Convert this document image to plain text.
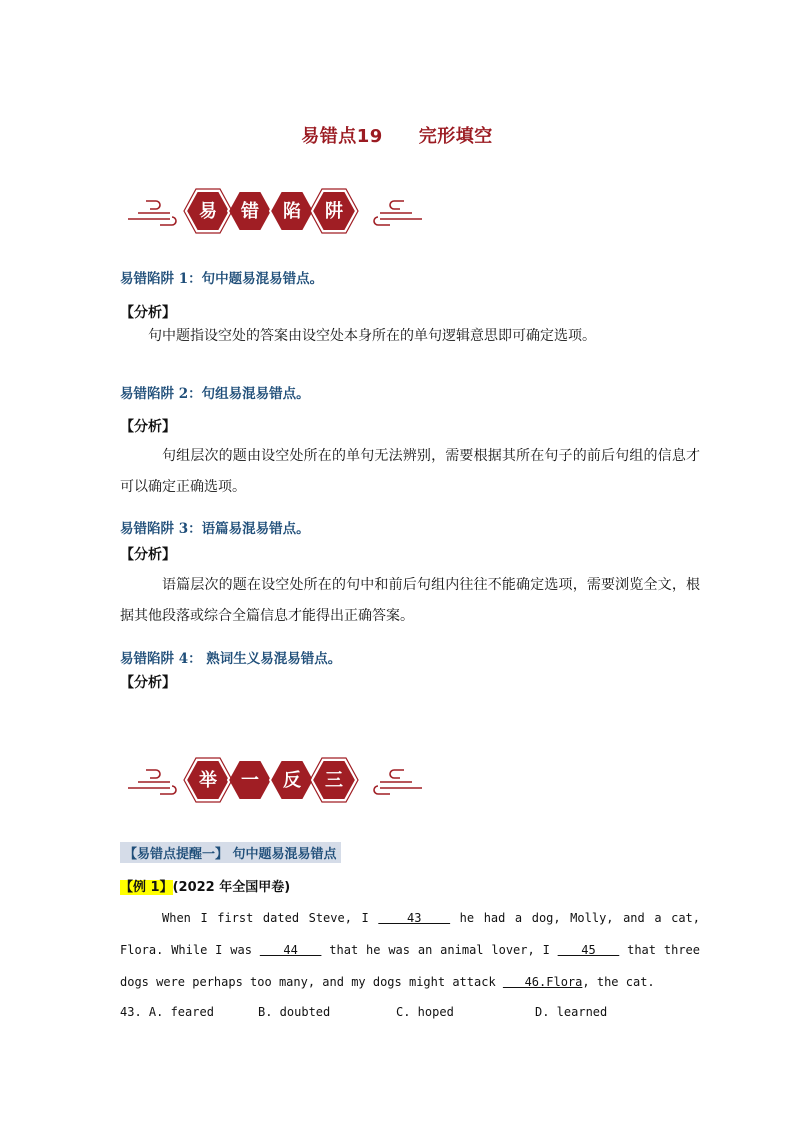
易错点19 完形填空
易 错 陷 阱
易错陷阱 1：句中题易混易错点。
【分析】
句中题指设空处的答案由设空处本身所在的单句逻辑意思即可确定选项。
易错陷阱 2：句组易混易错点。
【分析】
句组层次的题由设空处所在的单句无法辨别，需要根据其所在句子的前后句组的信息才可以确定正确选项。
易错陷阱 3：语篇易混易错点。
【分析】
语篇层次的题在设空处所在的句中和前后句组内往往不能确定选项，需要浏览全文，根据其他段落或综合全篇信息才能得出正确答案。
易错陷阱 4： 熟词生义易混易错点。
【分析】
举 一 反 三
【易错点提醒一】 句中题易混易错点
【例 1】(2022 年全国甲卷)
When I first dated Steve, I    43    he had a dog, Molly, and a cat, Flora. While I was    44    that he was an animal lover, I    45    that three dogs were perhaps too many, and my dogs might attack    46.Flora, the cat.
43. A. feared	B. doubted	C. hoped	D. learned
